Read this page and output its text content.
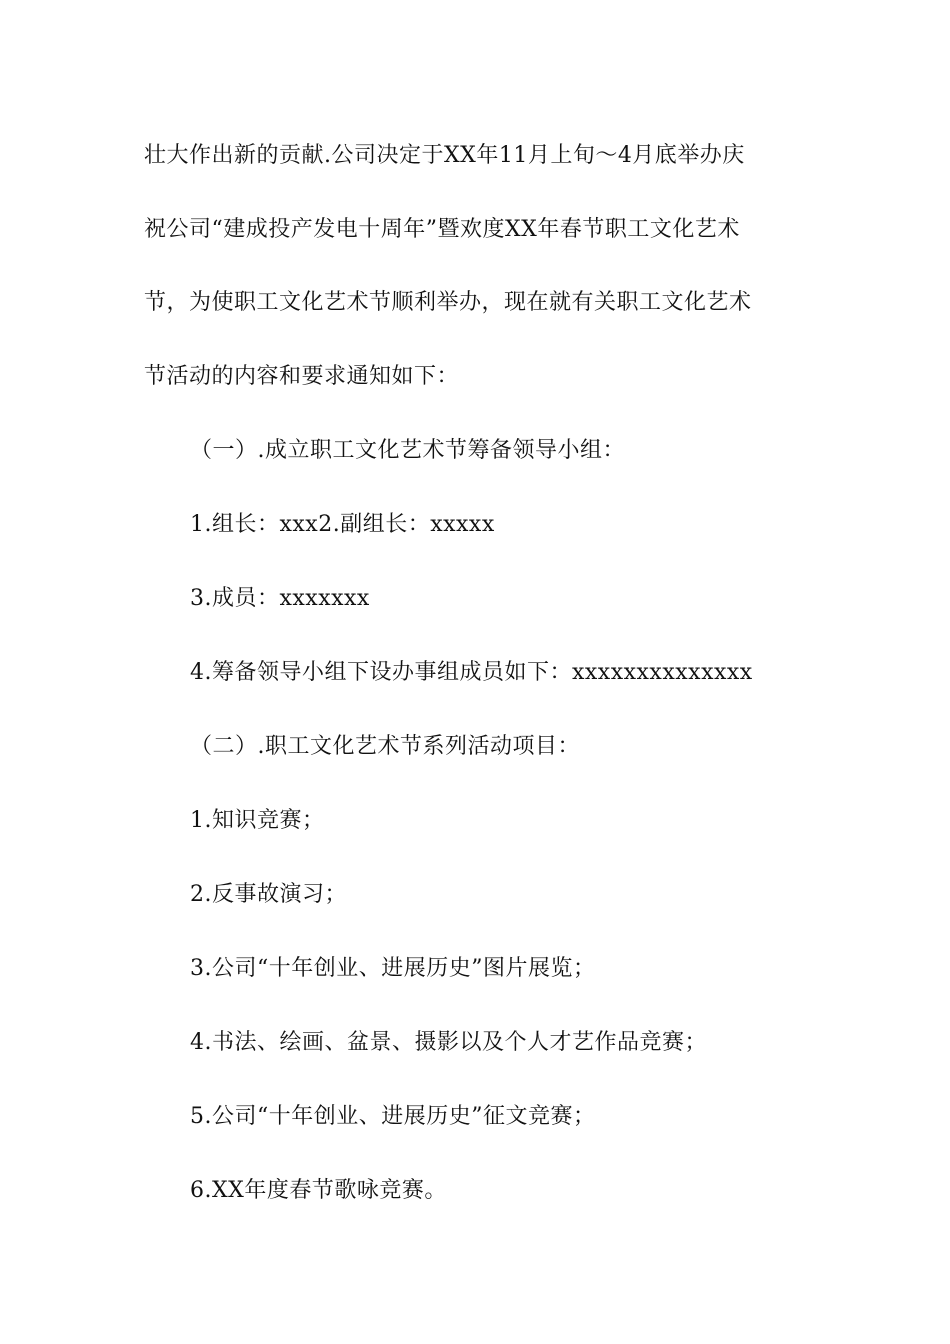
壮大作出新的贡献.公司决定于XX年11月上旬～4月底举办庆
祝公司“建成投产发电十周年”暨欢度XX年春节职工文化艺术
节，为使职工文化艺术节顺利举办，现在就有关职工文化艺术
节活动的内容和要求通知如下：
（一）.成立职工文化艺术节筹备领导小组：
1.组长：xxx2.副组长：xxxxx
3.成员：xxxxxxx
4.筹备领导小组下设办事组成员如下：xxxxxxxxxxxxxx
（二）.职工文化艺术节系列活动项目：
1.知识竞赛；
2.反事故演习；
3.公司“十年创业、进展历史”图片展览；
4.书法、绘画、盆景、摄影以及个人才艺作品竞赛；
5.公司“十年创业、进展历史”征文竞赛；
6.XX年度春节歌咏竞赛。
